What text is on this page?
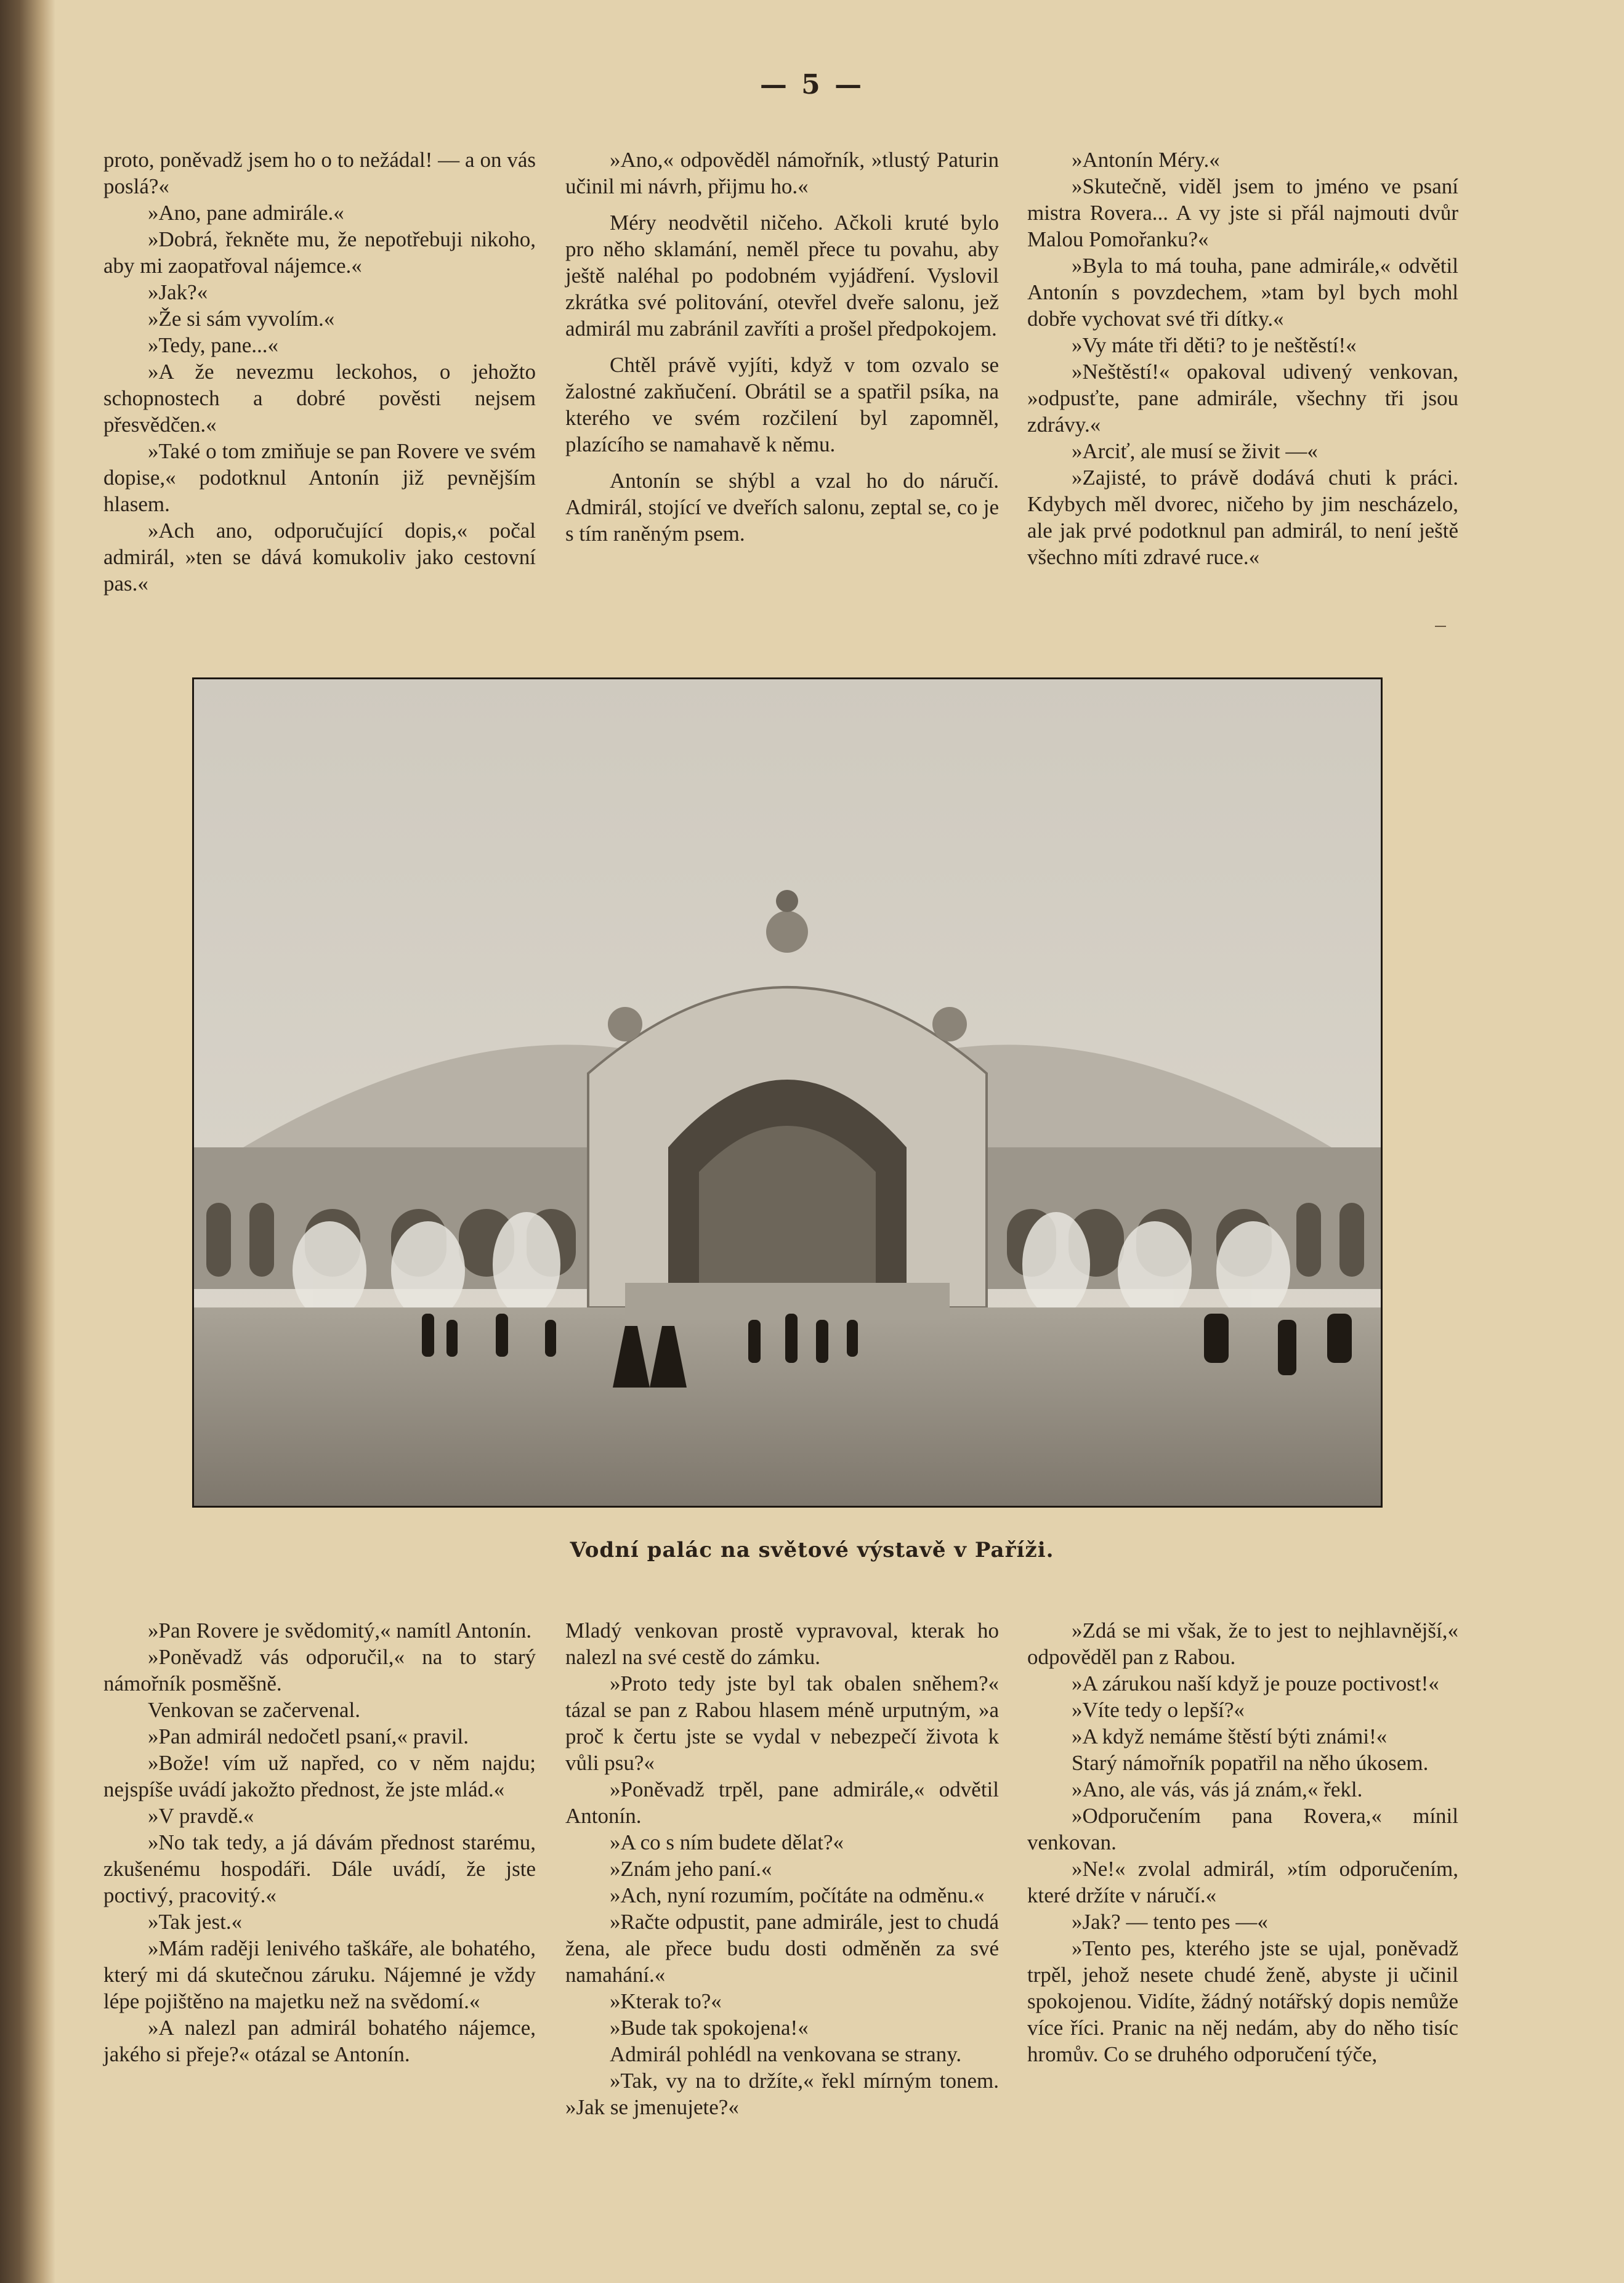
— 5 —

proto, poněvadž jsem ho o to nežádal! — a on vás poslá?«

»Ano, pane admirále.«

»Dobrá, řekněte mu, že nepotřebuji nikoho, aby mi zaopatřoval nájemce.«

»Jak?«

»Že si sám vyvolím.«

»Tedy, pane...«

»A že nevezmu leckohos, o jehožto schopnostech a dobré pověsti nejsem přesvědčen.«

»Také o tom zmiňuje se pan Rovere ve svém dopise,« podotknul Antonín již pevnějším hlasem.

»Ach ano, odporučující dopis,« počal admirál, »ten se dává komukoliv jako cestovní pas.«

»Ano,« odpověděl námořník, »tlustý Paturin učinil mi návrh, přijmu ho.«

Méry neodvětil ničeho. Ačkoli kruté bylo pro něho sklamání, neměl přece tu povahu, aby ještě naléhal po podobném vyjádření. Vyslovil zkrátka své politování, otevřel dveře salonu, jež admirál mu zabránil zavříti a prošel předpokojem.

Chtěl právě vyjíti, když v tom ozvalo se žalostné zakňučení. Obrátil se a spatřil psíka, na kterého ve svém rozčilení byl zapomněl, plazícího se namahavě k němu.

Antonín se shýbl a vzal ho do náručí. Admirál, stojící ve dveřích salonu, zeptal se, co je s tím raněným psem.

»Antonín Méry.«

»Skutečně, viděl jsem to jméno ve psaní mistra Rovera... A vy jste si přál najmouti dvůr Malou Pomořanku?«

»Byla to má touha, pane admirále,« odvětil Antonín s povzdechem, »tam byl bych mohl dobře vychovat své tři dítky.«

»Vy máte tři děti? to je neštěstí!«

»Neštěstí!« opakoval udivený venkovan, »odpusťte, pane admirále, všechny tři jsou zdrávy.«

»Arciť, ale musí se živit —«

»Zajisté, to právě dodává chuti k práci. Kdybych měl dvorec, ničeho by jim nescházelo, ale jak prvé podotknul pan admirál, to není ještě všechno míti zdravé ruce.«

Vodní palác na světové výstavě v Paříži.

»Pan Rovere je svědomitý,« namítl Antonín.

»Poněvadž vás odporučil,« na to starý námořník posměšně.

Venkovan se začervenal.

»Pan admirál nedočetl psaní,« pravil.

»Bože! vím už napřed, co v něm najdu; nejspíše uvádí jakožto přednost, že jste mlád.«

»V pravdě.«

»No tak tedy, a já dávám přednost starému, zkušenému hospodáři. Dále uvádí, že jste poctivý, pracovitý.«

»Tak jest.«

»Mám raději lenivého taškáře, ale bohatého, který mi dá skutečnou záruku. Nájemné je vždy lépe pojištěno na majetku než na svědomí.«

»A nalezl pan admirál bohatého nájemce, jakého si přeje?« otázal se Antonín.

Mladý venkovan prostě vypravoval, kterak ho nalezl na své cestě do zámku.

»Proto tedy jste byl tak obalen sněhem?« tázal se pan z Rabou hlasem méně urputným, »a proč k čertu jste se vydal v nebezpečí života k vůli psu?«

»Poněvadž trpěl, pane admirále,« odvětil Antonín.

»A co s ním budete dělat?«

»Znám jeho paní.«

»Ach, nyní rozumím, počítáte na odměnu.«

»Račte odpustit, pane admirále, jest to chudá žena, ale přece budu dosti odměněn za své namahání.«

»Kterak to?«

»Bude tak spokojena!«

Admirál pohlédl na venkovana se strany.

»Tak, vy na to držíte,« řekl mírným tonem. »Jak se jmenujete?«

»Zdá se mi však, že to jest to nejhlavnější,« odpověděl pan z Rabou.

»A zárukou naší když je pouze poctivost!«

»Víte tedy o lepší?«

»A když nemáme štěstí býti známi!«

Starý námořník popatřil na něho úkosem.

»Ano, ale vás, vás já znám,« řekl.

»Odporučením pana Rovera,« mínil venkovan.

»Ne!« zvolal admirál, »tím odporučením, které držíte v náručí.«

»Jak? — tento pes —«

»Tento pes, kterého jste se ujal, poněvadž trpěl, jehož nesete chudé ženě, abyste ji učinil spokojenou. Vidíte, žádný notářský dopis nemůže více říci. Pranic na něj nedám, aby do něho tisíc hromův. Co se druhého odporučení týče,
